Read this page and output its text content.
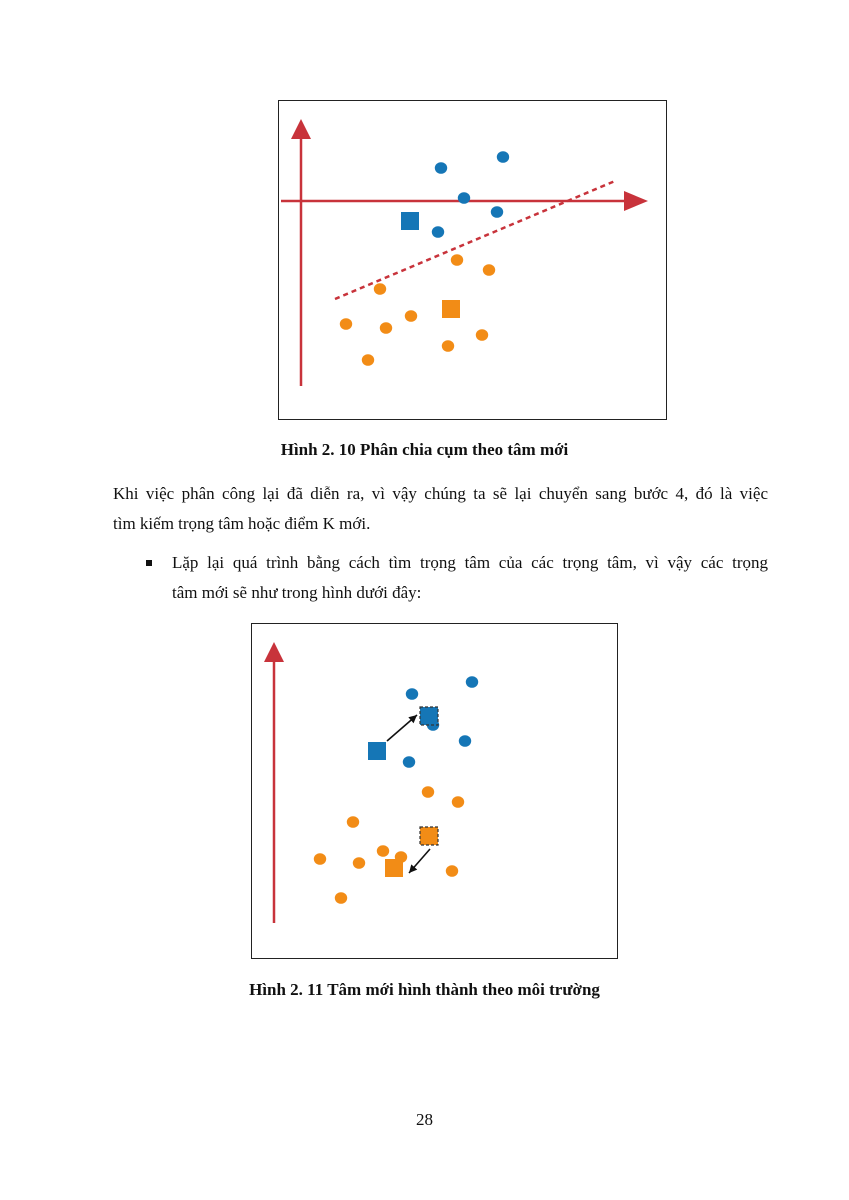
Hình 2. 10 Phân chia cụm theo tâm mới
Khi việc phân công lại đã diễn ra, vì vậy chúng ta sẽ lại chuyển sang bước 4, đó là việc
tìm kiếm trọng tâm hoặc điểm K mới.
Lặp lại quá trình bằng cách tìm trọng tâm của các trọng tâm, vì vậy các trọng
tâm mới sẽ như trong hình dưới đây:
Hình 2. 11 Tâm mới hình thành theo môi trường
28
